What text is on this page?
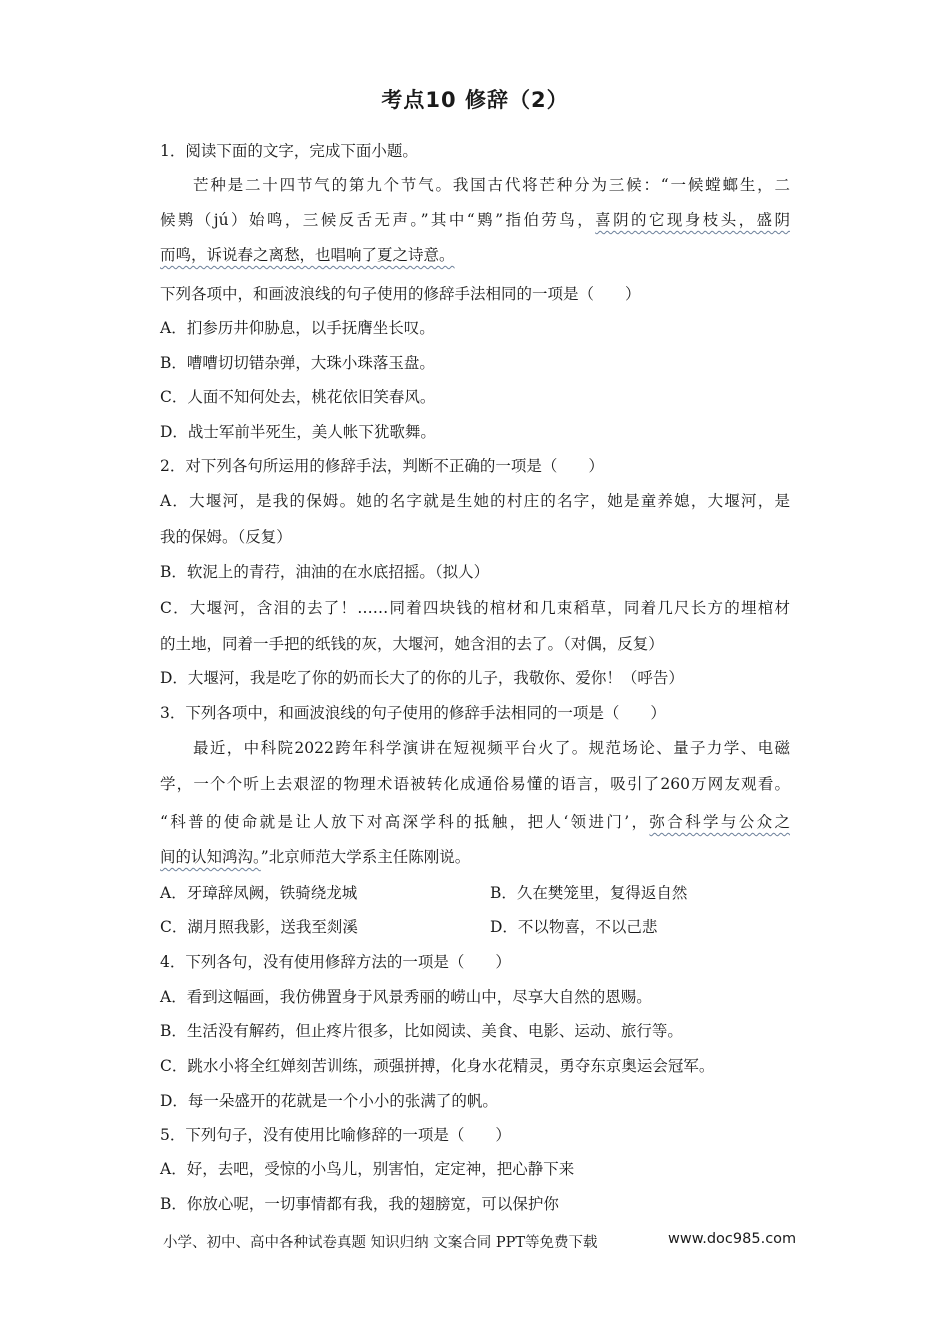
考点10 修辞（2）
1．阅读下面的文字，完成下面小题。
芒种是二十四节气的第九个节气。我国古代将芒种分为三候：“一候螳螂生，二
候䴗（jú）始鸣，三候反舌无声。”其中“䴗”指伯劳鸟，喜阴的它现身枝头，盛阴
而鸣，诉说春之离愁，也唱响了夏之诗意。
下列各项中，和画波浪线的句子使用的修辞手法相同的一项是（　　）
A．扪参历井仰胁息，以手抚膺坐长叹。
B．嘈嘈切切错杂弹，大珠小珠落玉盘。
C．人面不知何处去，桃花依旧笑春风。
D．战士军前半死生，美人帐下犹歌舞。
2．对下列各句所运用的修辞手法，判断不正确的一项是（　　）
A．大堰河，是我的保姆。她的名字就是生她的村庄的名字，她是童养媳，大堰河，是
我的保姆。（反复）
B．软泥上的青荇，油油的在水底招摇。（拟人）
C．大堰河，含泪的去了！……同着四块钱的棺材和几束稻草，同着几尺长方的埋棺材
的土地，同着一手把的纸钱的灰，大堰河，她含泪的去了。（对偶，反复）
D．大堰河，我是吃了你的奶而长大了的你的儿子，我敬你、爱你！（呼告）
3．下列各项中，和画波浪线的句子使用的修辞手法相同的一项是（　　）
最近，中科院2022跨年科学演讲在短视频平台火了。规范场论、量子力学、电磁
学，一个个听上去艰涩的物理术语被转化成通俗易懂的语言，吸引了260万网友观看。
“科普的使命就是让人放下对高深学科的抵触，把人‘领进门’，弥合科学与公众之
间的认知鸿沟。”北京师范大学系主任陈刚说。
A．牙璋辞凤阙，铁骑绕龙城	B．久在樊笼里，复得返自然
C．湖月照我影，送我至剡溪	D．不以物喜，不以己悲
4．下列各句，没有使用修辞方法的一项是（　　）
A．看到这幅画，我仿佛置身于风景秀丽的崂山中，尽享大自然的恩赐。
B．生活没有解药，但止疼片很多，比如阅读、美食、电影、运动、旅行等。
C．跳水小将全红婵刻苦训练，顽强拼搏，化身水花精灵，勇夺东京奥运会冠军。
D．每一朵盛开的花就是一个小小的张满了的帆。
5．下列句子，没有使用比喻修辞的一项是（　　）
A．好，去吧，受惊的小鸟儿，别害怕，定定神，把心静下来
B．你放心呢，一切事情都有我，我的翅膀宽，可以保护你
小学、初中、高中各种试卷真题 知识归纳 文案合同 PPT等免费下载	www.doc985.com
